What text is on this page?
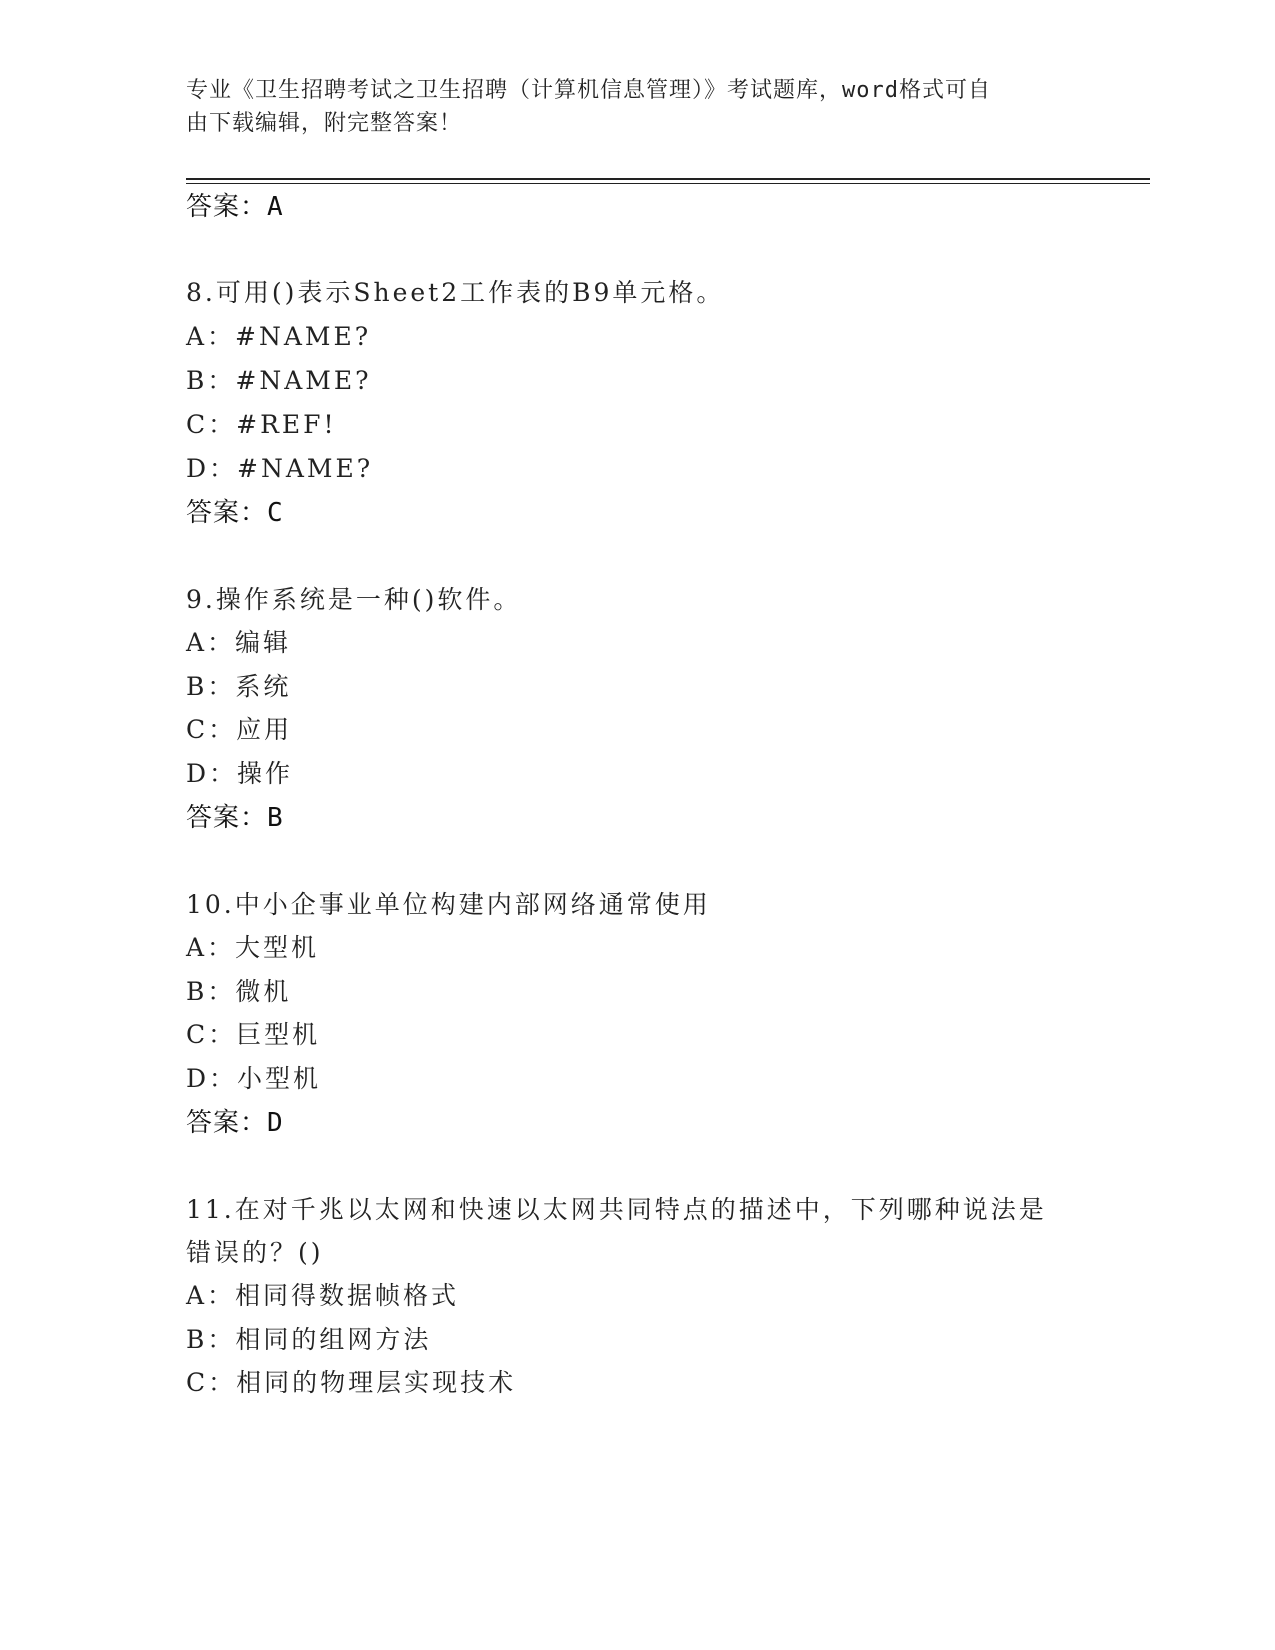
专业《卫生招聘考试之卫生招聘（计算机信息管理）》考试题库，word格式可自
由下载编辑，附完整答案！
答案：A
8.可用()表示Sheet2工作表的B9单元格。
A：#NAME?
B：#NAME?
C：#REF!
D：#NAME?
答案：C
9.操作系统是一种()软件。
A：编辑
B：系统
C：应用
D：操作
答案：B
10.中小企事业单位构建内部网络通常使用
A：大型机
B：微机
C：巨型机
D：小型机
答案：D
11.在对千兆以太网和快速以太网共同特点的描述中，下列哪种说法是
错误的？()
A：相同得数据帧格式
B：相同的组网方法
C：相同的物理层实现技术
